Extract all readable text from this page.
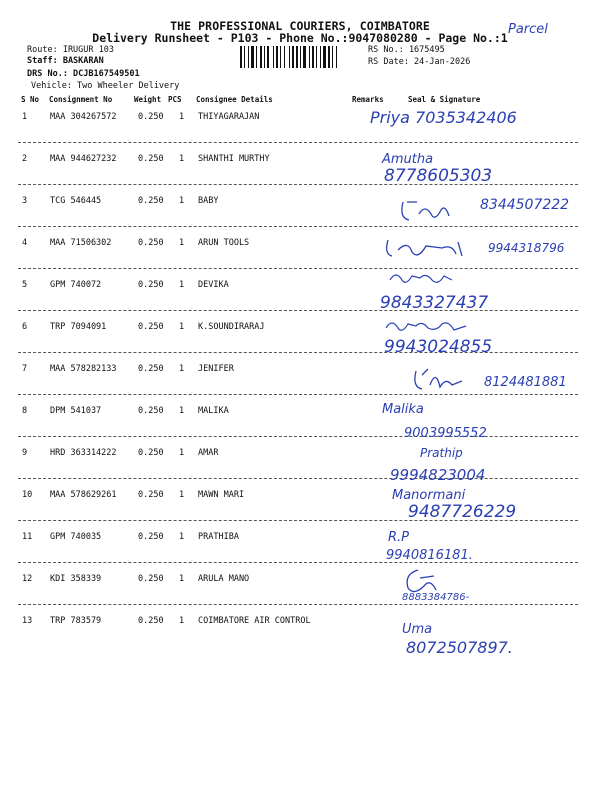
THE PROFESSIONAL COURIERS, COIMBATORE
Delivery Runsheet - P103 - Phone No.:9047080280 - Page No.:1
Parcel
Route: IRUGUR 103
Staff: BASKARAN
DRS No.: DCJB167549501
Vehicle: Two Wheeler Delivery
RS No.: 1675495
RS Date: 24-Jan-2026
S No Consignment No	Weight PCS Consignee Details	Remarks	Seal & Signature
1	MAA 304267572	0.250 1 THIYAGARAJAN	Priya 7035342406
2	MAA 944627232	0.250 1 SHANTHI MURTHY	Amutha
8778605303
3	TCG 546445	0.250 1 BABY	8344507222
4	MAA 71506302	0.250 1 ARUN TOOLS	9944318796
5	GPM 740072	0.250 1 DEVIKA
9843327437
6	TRP 7094091	0.250 1 K.SOUNDIRARAJ
9943024855
7	MAA 578282133	0.250 1 JENIFER
8124481881
8	DPM 541037	0.250 1 MALIKA	Malika
9003995552
9	HRD 363314222	0.250 1 AMAR	Prathip
9994823004
10 MAA 578629261	0.250 1 MAWN MARI	Manormani
9487726229
11 GPM 740035	0.250 1 PRATHIBA	R.P
9940816181.
12 KDI 358339	0.250 1 ARULA MANO
8883384786-
13 TRP 783579	0.250 1 COIMBATORE AIR CONTROL
Uma
8072507897.
